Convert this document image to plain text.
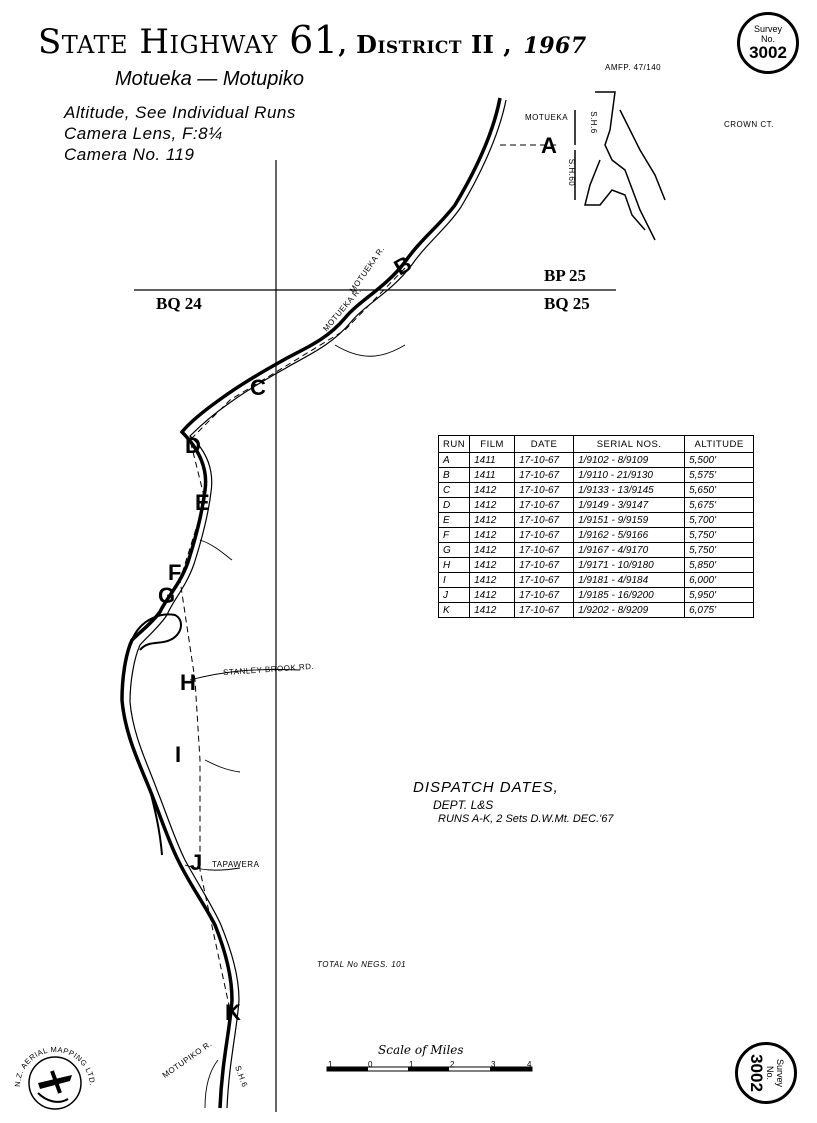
State Highway 61, District II , 1967
Motueka — Motupiko
Altitude, See Individual Runs
Camera Lens, F:8¼
Camera No. 119
Survey
No.
3002
Survey
No.
3002
AMFP. 47/140
CROWN CT.
MOTUEKA	S.H.6
S.H.60
MOTUEKA R.
MOTUEKA R.
STANLEY BROOK RD.
TAPAWERA
MOTUPIKO R. S.H.6
BP 25
BQ 24	BQ 25
A
B
C
D
E
F
G
H
I
J
K
RUN	FILM	DATE	SERIAL NOS.	ALTITUDE
A	1411	17-10-67	1/9102 - 8/9109	5,500'
B	1411	17-10-67	1/9110 - 21/9130	5,575'
C	1412	17-10-67	1/9133 - 13/9145	5,650'
D	1412	17-10-67	1/9149 - 3/9147	5,675'
E	1412	17-10-67	1/9151 - 9/9159	5,700'
F	1412	17-10-67	1/9162 - 5/9166	5,750'
G	1412	17-10-67	1/9167 - 4/9170	5,750'
H	1412	17-10-67	1/9171 - 10/9180	5,850'
I	1412	17-10-67	1/9181 - 4/9184	6,000'
J	1412	17-10-67	1/9185 - 16/9200	5,950'
K	1412	17-10-67	1/9202 - 8/9209	6,075'
DISPATCH DATES,
DEPT. L&S
RUNS A-K, 2 Sets D.W.Mt. DEC.'67
TOTAL No NEGS. 101
Scale of Miles
1	0	1	2	3	4
N.Z. AERIAL MAPPING LTD.
